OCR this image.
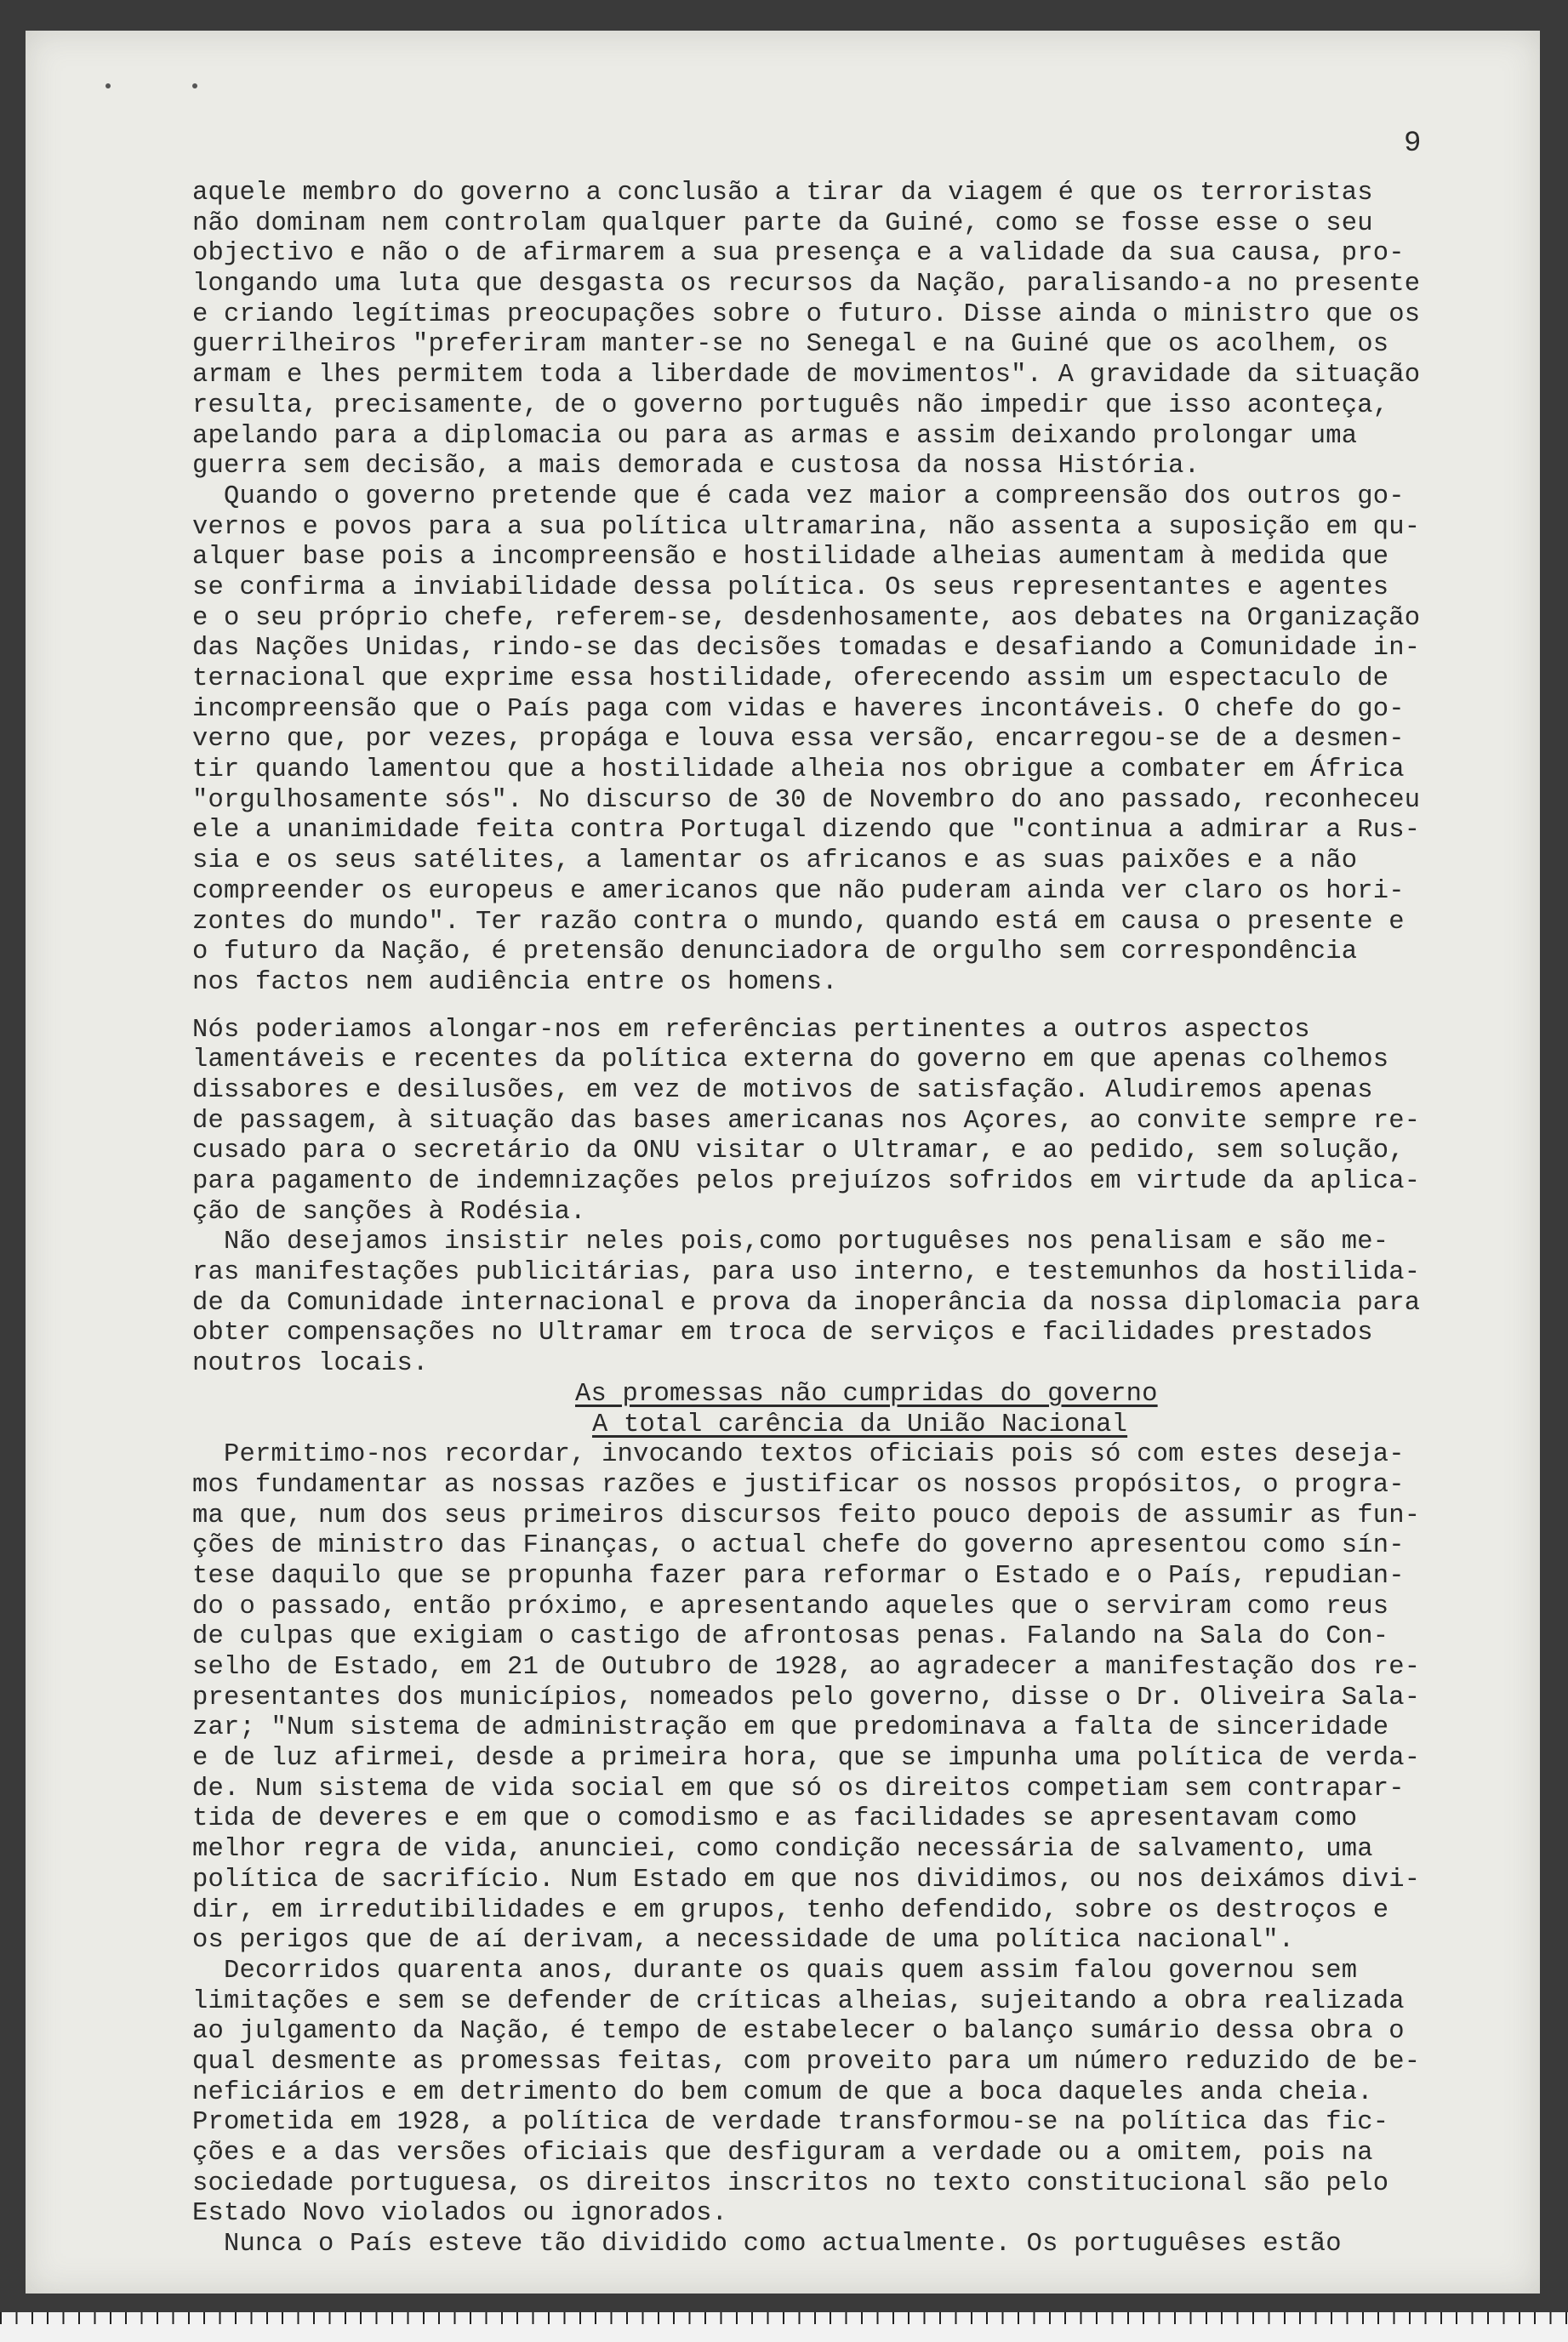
9

aquele membro do governo a conclusão a tirar da viagem é que os terroristas

não dominam nem controlam qualquer parte da Guiné, como se fosse esse o seu

objectivo e não o de afirmarem a sua presença e a validade da sua causa, pro-

longando uma luta que desgasta os recursos da Nação, paralisando-a no presente

e criando legítimas preocupações sobre o futuro. Disse ainda o ministro que os

guerrilheiros "preferiram manter-se no Senegal e na Guiné que os acolhem, os

armam e lhes permitem toda a liberdade de movimentos". A gravidade da situação

resulta, precisamente, de o governo português não impedir que isso aconteça,

apelando para a diplomacia ou para as armas e assim deixando prolongar uma

guerra sem decisão, a mais demorada e custosa da nossa História.

Quando o governo pretende que é cada vez maior a compreensão dos outros go-

vernos e povos para a sua política ultramarina, não assenta a suposição em qu-

alquer base pois a incompreensão e hostilidade alheias aumentam à medida que

se confirma a inviabilidade dessa política. Os seus representantes e agentes

e o seu próprio chefe, referem-se, desdenhosamente, aos debates na Organização

das Nações Unidas, rindo-se das decisões tomadas e desafiando a Comunidade in-

ternacional que exprime essa hostilidade, oferecendo assim um espectaculo de

incompreensão que o País paga com vidas e haveres incontáveis. O chefe do go-

verno que, por vezes, propága e louva essa versão, encarregou-se de a desmen-

tir quando lamentou que a hostilidade alheia nos obrigue a combater em África

"orgulhosamente sós". No discurso de 30 de Novembro do ano passado, reconheceu

ele a unanimidade feita contra Portugal dizendo que "continua a admirar a Rus-

sia e os seus satélites, a lamentar os africanos e as suas paixões e a não

compreender os europeus e americanos que não puderam ainda ver claro os hori-

zontes do mundo". Ter razão contra o mundo, quando está em causa o presente e

o futuro da Nação, é pretensão denunciadora de orgulho sem correspondência

nos factos nem audiência entre os homens.

Nós poderiamos alongar-nos em referências pertinentes a outros aspectos

lamentáveis e recentes da política externa do governo em que apenas colhemos

dissabores e desilusões, em vez de motivos de satisfação. Aludiremos apenas

de passagem, à situação das bases americanas nos Açores, ao convite sempre re-

cusado para o secretário da ONU visitar o Ultramar, e ao pedido, sem solução,

para pagamento de indemnizações pelos prejuízos sofridos em virtude da aplica-

ção de sanções à Rodésia.

Não desejamos insistir neles pois,como portuguêses nos penalisam e são me-

ras manifestações publicitárias, para uso interno, e testemunhos da hostilida-

de da Comunidade internacional e prova da inoperância da nossa diplomacia para

obter compensações no Ultramar em troca de serviços e facilidades prestados

noutros locais.

As promessas não cumpridas do governo

A total carência da União Nacional

Permitimo-nos recordar, invocando textos oficiais pois só com estes deseja-

mos fundamentar as nossas razões e justificar os nossos propósitos, o progra-

ma que, num dos seus primeiros discursos feito pouco depois de assumir as fun-

ções de ministro das Finanças, o actual chefe do governo apresentou como sín-

tese daquilo que se propunha fazer para reformar o Estado e o País, repudian-

do o passado, então próximo, e apresentando aqueles que o serviram como reus

de culpas que exigiam o castigo de afrontosas penas. Falando na Sala do Con-

selho de Estado, em 21 de Outubro de 1928, ao agradecer a manifestação dos re-

presentantes dos municípios, nomeados pelo governo, disse o Dr. Oliveira Sala-

zar; "Num sistema de administração em que predominava a falta de sinceridade

e de luz afirmei, desde a primeira hora, que se impunha uma política de verda-

de. Num sistema de vida social em que só os direitos competiam sem contrapar-

tida de deveres e em que o comodismo e as facilidades se apresentavam como

melhor regra de vida, anunciei, como condição necessária de salvamento, uma

política de sacrifício. Num Estado em que nos dividimos, ou nos deixámos divi-

dir, em irredutibilidades e em grupos, tenho defendido, sobre os destroços e

os perigos que de aí derivam, a necessidade de uma política nacional".

Decorridos quarenta anos, durante os quais quem assim falou governou sem

limitações e sem se defender de críticas alheias, sujeitando a obra realizada

ao julgamento da Nação, é tempo de estabelecer o balanço sumário dessa obra o

qual desmente as promessas feitas, com proveito para um número reduzido de be-

neficiários e em detrimento do bem comum de que a boca daqueles anda cheia.

Prometida em 1928, a política de verdade transformou-se na política das fic-

ções e a das versões oficiais que desfiguram a verdade ou a omitem, pois na

sociedade portuguesa, os direitos inscritos no texto constitucional são pelo

Estado Novo violados ou ignorados.

Nunca o País esteve tão dividido como actualmente. Os portuguêses estão
